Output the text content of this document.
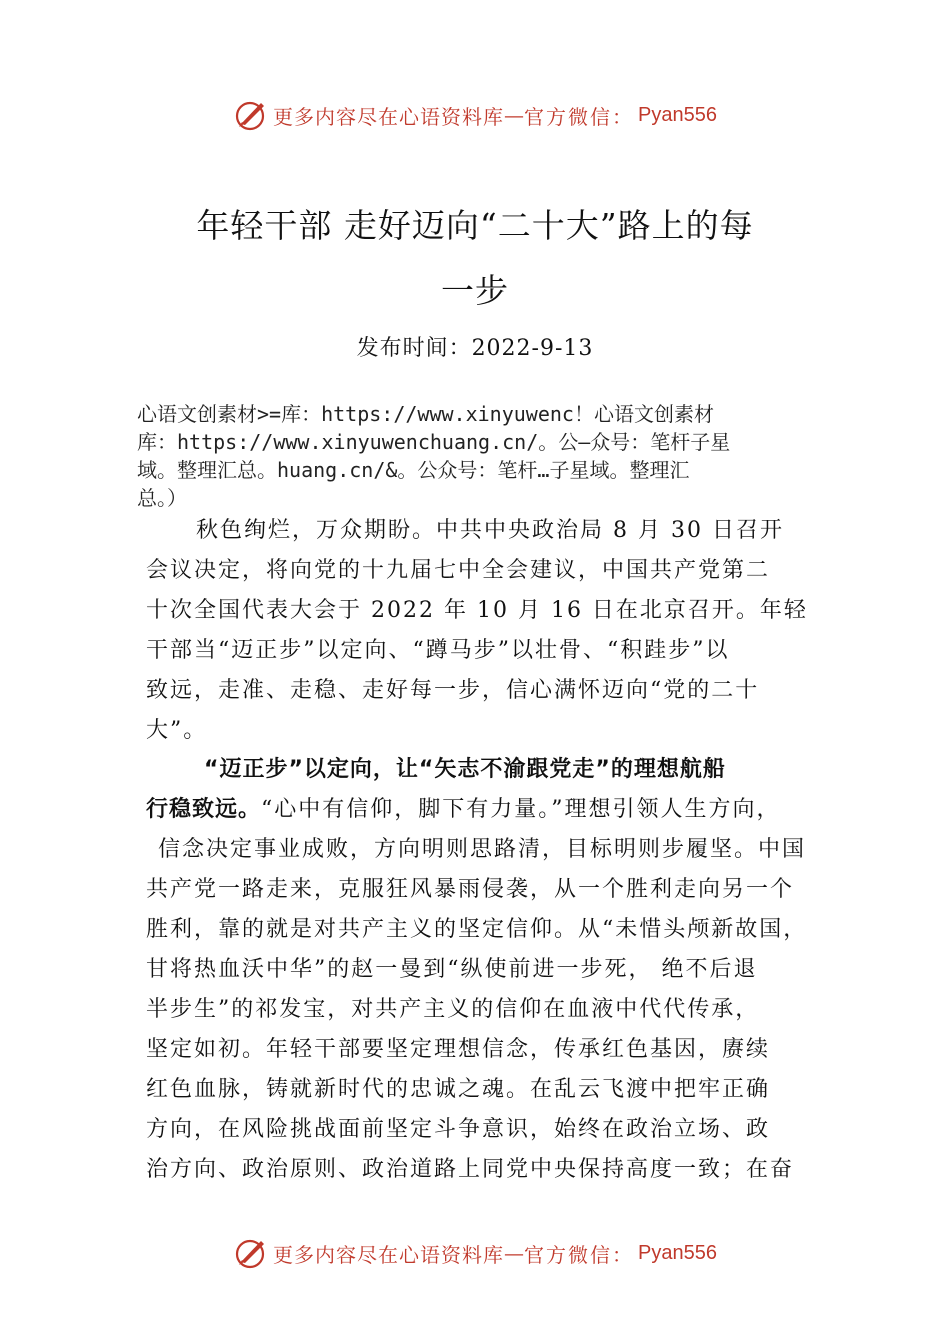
更多内容尽在心语资料库 — 官方微信： Pyan556
年轻干部 走好迈向“二十大”路上的每
一步
发布时间：2022-9-13
心语文创素材>=库：https://www.xinyuwenc！心语文创素材
库：https://www.xinyuwenchuang.cn/。公—众号：笔杆子星
域。整理汇总。huang.cn/&。公众号：笔杆…子星域。整理汇
总。）
秋色绚烂，万众期盼。中共中央政治局 8 月 30 日召开
会议决定，将向党的十九届七中全会建议，中国共产党第二
十次全国代表大会于 2022 年 10 月 16 日在北京召开。年轻
干部当“迈正步”以定向、“蹲马步”以壮骨、“积跬步”以
致远，走准、走稳、走好每一步，信心满怀迈向“党的二十
大”。
“迈正步”以定向，让“矢志不渝跟党走”的理想航船
行稳致远。“心中有信仰，脚下有力量。”理想引领人生方向，
信念决定事业成败，方向明则思路清，目标明则步履坚。中国
共产党一路走来，克服狂风暴雨侵袭，从一个胜利走向另一个
胜利，靠的就是对共产主义的坚定信仰。从“未惜头颅新故国，
甘将热血沃中华”的赵一曼到“纵使前进一步死， 绝不后退
半步生”的祁发宝，对共产主义的信仰在血液中代代传承，
坚定如初。年轻干部要坚定理想信念，传承红色基因，赓续
红色血脉，铸就新时代的忠诚之魂。在乱云飞渡中把牢正确
方向，在风险挑战面前坚定斗争意识，始终在政治立场、政
治方向、政治原则、政治道路上同党中央保持高度一致；在奋
更多内容尽在心语资料库 — 官方微信： Pyan556
